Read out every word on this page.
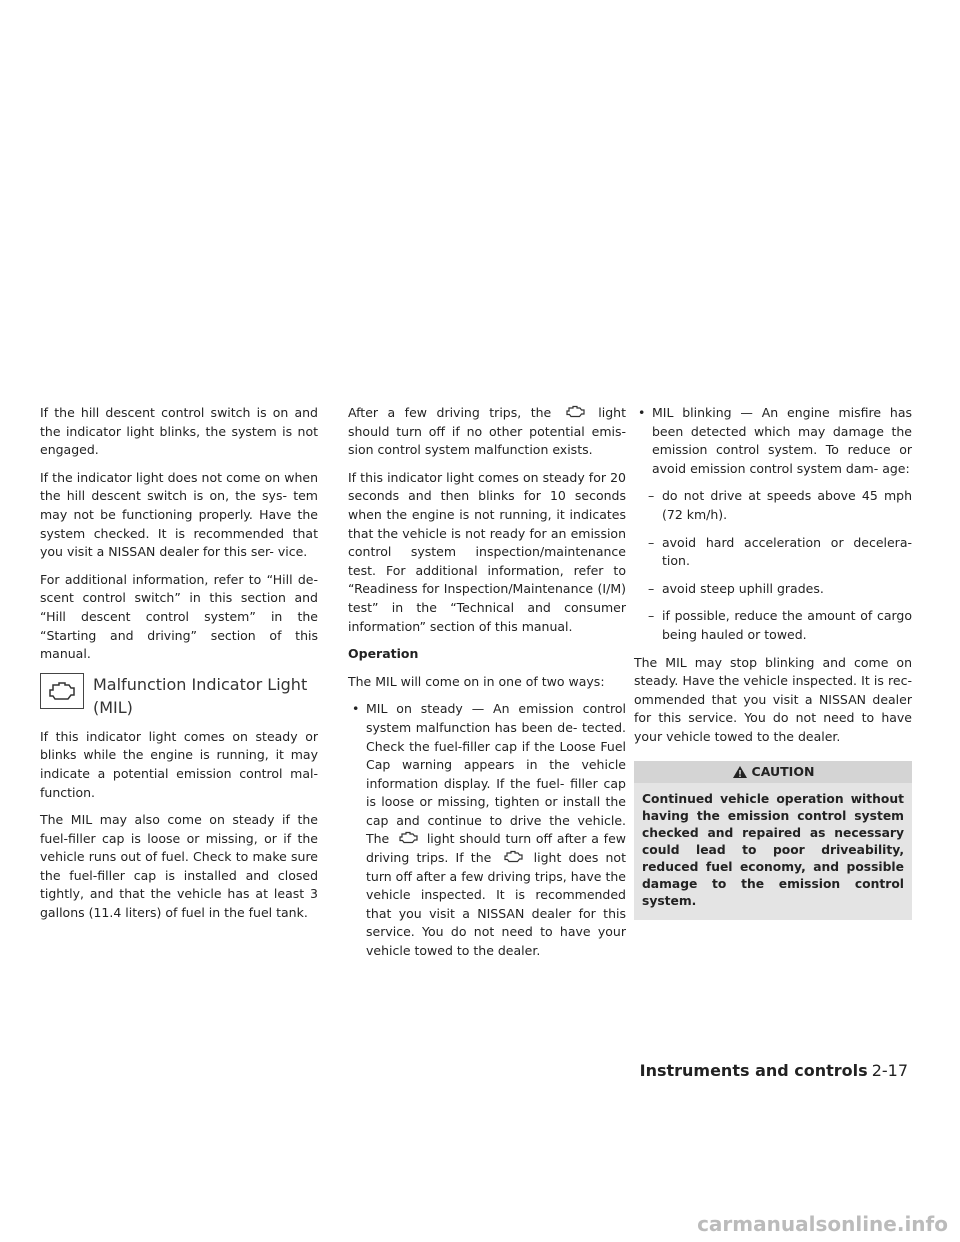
If the hill descent control switch is on and the indicator light blinks, the system is not engaged.

If the indicator light does not come on when the hill descent switch is on, the sys- tem may not be functioning properly. Have the system checked. It is recommended that you visit a NISSAN dealer for this ser- vice.

For additional information, refer to “Hill de- scent control switch” in this section and “Hill descent control system” in the “Starting and driving” section of this manual.

Malfunction Indicator Light (MIL)

If this indicator light comes on steady or blinks while the engine is running, it may indicate a potential emission control mal- function.

The MIL may also come on steady if the fuel-filler cap is loose or missing, or if the vehicle runs out of fuel. Check to make sure the fuel-filler cap is installed and closed tightly, and that the vehicle has at least 3 gallons (11.4 liters) of fuel in the fuel tank.

After a few driving trips, the	light should turn off if no other potential emis- sion control system malfunction exists.

If this indicator light comes on steady for 20 seconds and then blinks for 10 seconds when the engine is not running, it indicates that the vehicle is not ready for an emission control system inspection/maintenance test. For additional information, refer to “Readiness for Inspection/Maintenance (I/M) test” in the “Technical and consumer information” section of this manual.

Operation

The MIL will come on in one of two ways:

• MIL on steady — An emission control system malfunction has been de- tected. Check the fuel-filler cap if the Loose Fuel Cap warning appears in the vehicle information display. If the fuel- filler cap is loose or missing, tighten or install the cap and continue to drive the vehicle. The	light should turn off after a few driving trips. If the	light does not turn off after a few driving trips, have the vehicle inspected. It is recommended that you visit a NISSAN dealer for this service. You do not need to have your vehicle towed to the dealer.
• MIL blinking — An engine misfire has been detected which may damage the emission control system. To reduce or avoid emission control system dam- age:
– do not drive at speeds above 45 mph (72 km/h).
– avoid hard acceleration or decelera- tion.
– avoid steep uphill grades.
– if possible, reduce the amount of cargo being hauled or towed.

The MIL may stop blinking and come on steady. Have the vehicle inspected. It is rec- ommended that you visit a NISSAN dealer for this service. You do not need to have your vehicle towed to the dealer.

CAUTION
Continued vehicle operation without having the emission control system checked and repaired as necessary could lead to poor driveability, reduced fuel economy, and possible damage to the emission control system.
Instruments and controls 2-17
carmanualsonline.info
